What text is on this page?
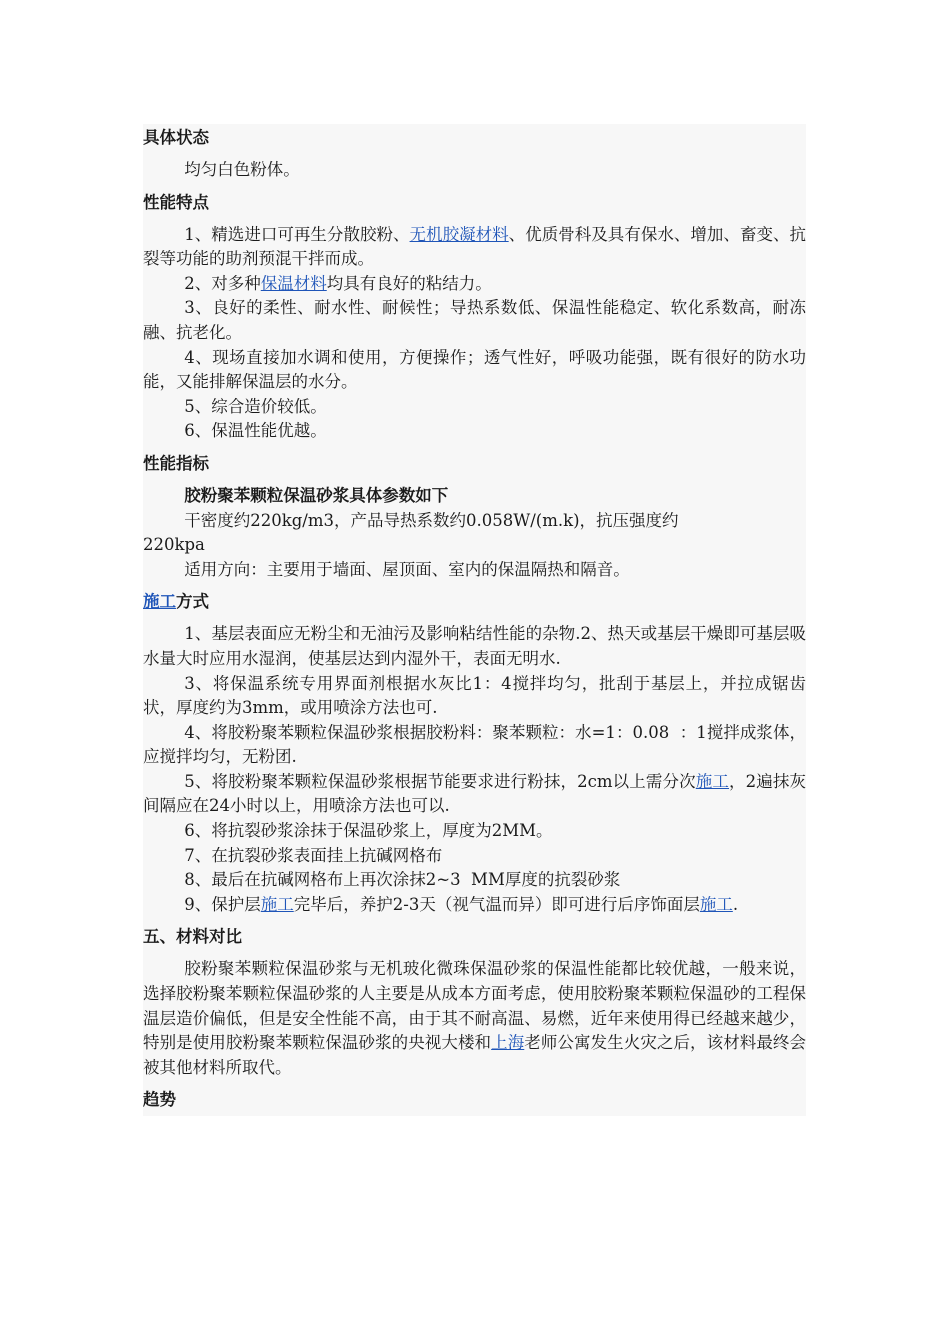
具体状态

均匀白色粉体。

性能特点

1、精选进口可再生分散胶粉、无机胶凝材料、优质骨科及具有保水、增加、畜变、抗裂等功能的助剂预混干拌而成。

2、对多种保温材料均具有良好的粘结力。

3、良好的柔性、耐水性、耐候性；导热系数低、保温性能稳定、软化系数高，耐冻融、抗老化。

4、现场直接加水调和使用，方便操作；透气性好，呼吸功能强，既有很好的防水功能，又能排解保温层的水分。

5、综合造价较低。

6、保温性能优越。

性能指标

胶粉聚苯颗粒保温砂浆具体参数如下

干密度约220kg/m3，产品导热系数约0.058W/(m.k)，抗压强度约

220kpa

适用方向：主要用于墙面、屋顶面、室内的保温隔热和隔音。

施工方式

1、基层表面应无粉尘和无油污及影响粘结性能的杂物.2、热天或基层干燥即可基层吸水量大时应用水湿润，使基层达到内湿外干，表面无明水.

3、将保温系统专用界面剂根据水灰比1：4搅拌均匀，批刮于基层上，并拉成锯齿状，厚度约为3mm，或用喷涂方法也可.

4、将胶粉聚苯颗粒保温砂浆根据胶粉料：聚苯颗粒：水=1：0.08  ：1搅拌成浆体，应搅拌均匀，无粉团.

5、将胶粉聚苯颗粒保温砂浆根据节能要求进行粉抹，2cm以上需分次施工，2遍抹灰间隔应在24小时以上，用喷涂方法也可以.

6、将抗裂砂浆涂抹于保温砂浆上，厚度为2MM。

7、在抗裂砂浆表面挂上抗碱网格布

8、最后在抗碱网格布上再次涂抹2~3  MM厚度的抗裂砂浆

9、保护层施工完毕后，养护2-3天（视气温而异）即可进行后序饰面层施工.

五、材料对比

胶粉聚苯颗粒保温砂浆与无机玻化微珠保温砂浆的保温性能都比较优越，一般来说，选择胶粉聚苯颗粒保温砂浆的人主要是从成本方面考虑，使用胶粉聚苯颗粒保温砂的工程保温层造价偏低，但是安全性能不高，由于其不耐高温、易燃，近年来使用得已经越来越少，特别是使用胶粉聚苯颗粒保温砂浆的央视大楼和上海老师公寓发生火灾之后，该材料最终会被其他材料所取代。

趋势
